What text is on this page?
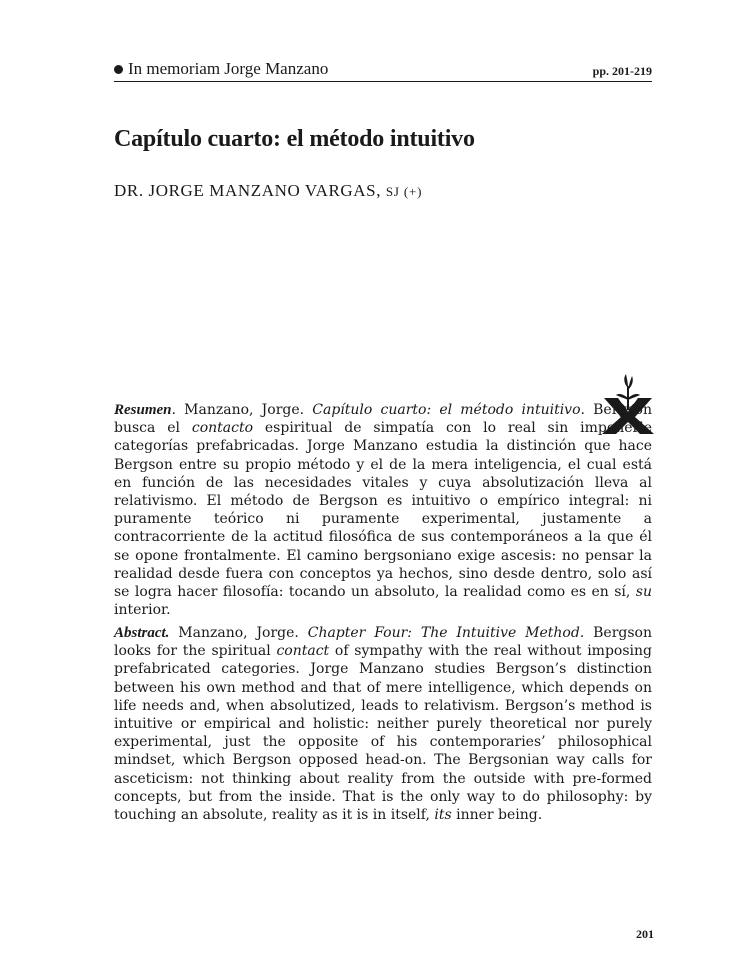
In memoriam Jorge Manzano	pp. 201-219
Capítulo cuarto: el método intuitivo
DR. JORGE MANZANO VARGAS, SJ (+)

Resumen. Manzano, Jorge. Capítulo cuarto: el método intuitivo. Bergson busca el contacto espiritual de simpatía con lo real sin imponerle categorías prefabricadas. Jorge Manzano estudia la distinción que hace Bergson entre su propio método y el de la mera inteligencia, el cual está en función de las necesidades vitales y cuya absolutización lleva al relativismo. El método de Bergson es intuitivo o empírico integral: ni puramente teórico ni puramente experimental, justamente a contracorriente de la actitud filosófica de sus contemporáneos a la que él se opone frontalmente. El camino bergsoniano exige ascesis: no pensar la realidad desde fuera con conceptos ya hechos, sino desde dentro, solo así se logra hacer filosofía: tocando un absoluto, la realidad como es en sí, su interior.

Abstract. Manzano, Jorge. Chapter Four: The Intuitive Method. Bergson looks for the spiritual contact of sympathy with the real without imposing prefabricated categories. Jorge Manzano studies Bergson’s distinction between his own method and that of mere intelligence, which depends on life needs and, when absolutized, leads to relativism. Bergson’s method is intuitive or empirical and holistic: neither purely theoretical nor purely experimental, just the opposite of his contemporaries’ philosophical mindset, which Bergson opposed head-on. The Bergsonian way calls for asceticism: not thinking about reality from the outside with pre-formed concepts, but from the inside. That is the only way to do philosophy: by touching an absolute, reality as it is in itself, its inner being.

201
